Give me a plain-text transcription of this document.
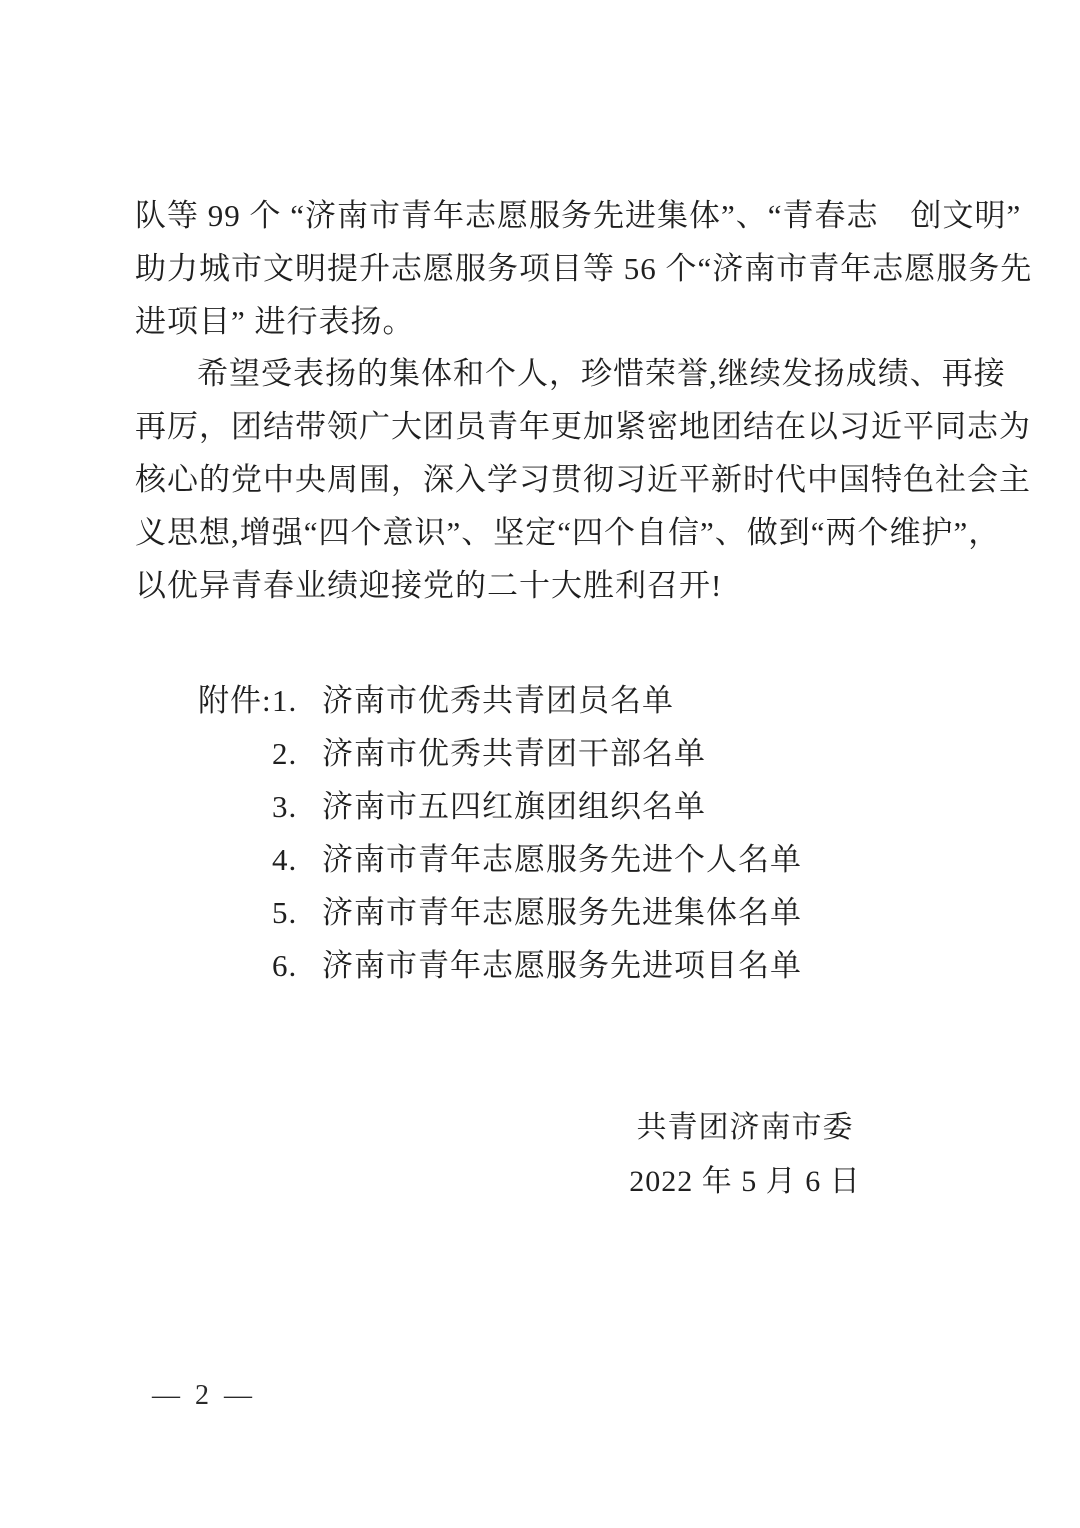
队等 99 个 “济南市青年志愿服务先进集体”、“青春志　创文明”
助力城市文明提升志愿服务项目等 56 个“济南市青年志愿服务先
进项目” 进行表扬。
希望受表扬的集体和个人，珍惜荣誉,继续发扬成绩、再接
再厉，团结带领广大团员青年更加紧密地团结在以习近平同志为
核心的党中央周围，深入学习贯彻习近平新时代中国特色社会主
义思想,增强“四个意识”、坚定“四个自信”、做到“两个维护”，
以优异青春业绩迎接党的二十大胜利召开!
附件:1. 济南市优秀共青团员名单
2. 济南市优秀共青团干部名单
3. 济南市五四红旗团组织名单
4. 济南市青年志愿服务先进个人名单
5. 济南市青年志愿服务先进集体名单
6. 济南市青年志愿服务先进项目名单
共青团济南市委
2022 年 5 月 6 日
— 2 —
